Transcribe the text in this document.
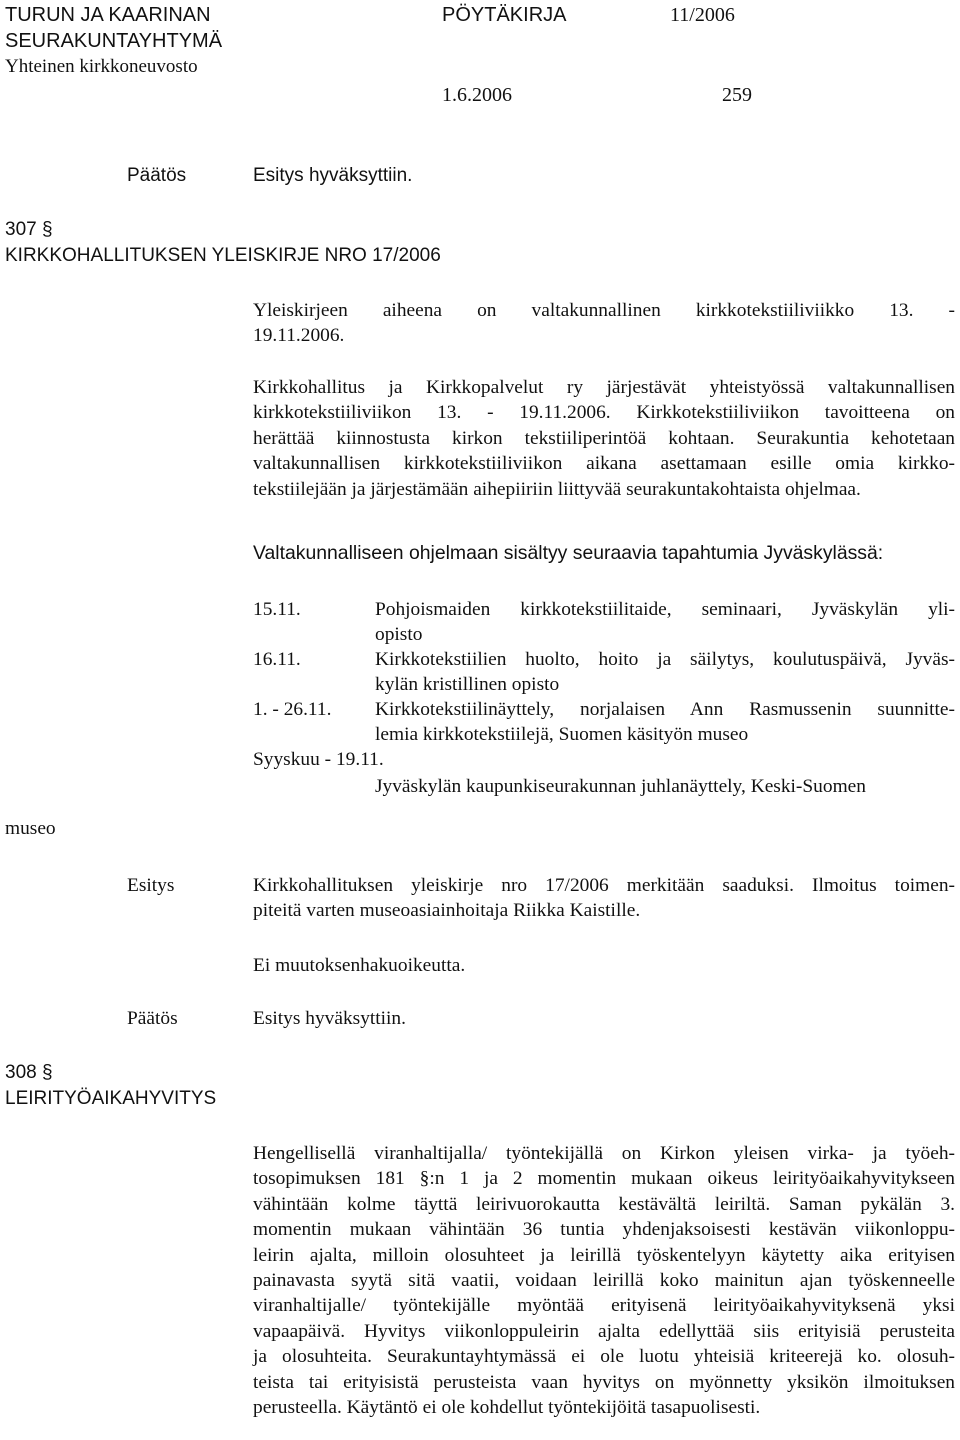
TURUN JA KAARINAN
SEURAKUNTAYHTYMÄ
Yhteinen kirkkoneuvosto
PÖYTÄKIRJA	11/2006
1.6.2006	259
Päätös	Esitys hyväksyttiin.
307 §
KIRKKOHALLITUKSEN YLEISKIRJE NRO 17/2006
Yleiskirjeen aiheena on valtakunnallinen kirkkotekstiiliviikko 13. -
19.11.2006.
Kirkkohallitus ja Kirkkopalvelut ry järjestävät yhteistyössä valtakunnallisen
kirkkotekstiiliviikon 13. - 19.11.2006. Kirkkotekstiiliviikon tavoitteena on
herättää kiinnostusta kirkon tekstiiliperintöä kohtaan. Seurakuntia kehotetaan
valtakunnallisen kirkkotekstiiliviikon aikana asettamaan esille omia kirkko-
tekstiilejään ja järjestämään aihepiiriin liittyvää seurakuntakohtaista ohjelmaa.
Valtakunnalliseen ohjelmaan sisältyy seuraavia tapahtumia Jyväskylässä:
15.11.	Pohjoismaiden kirkkotekstiilitaide, seminaari, Jyväskylän yli-
opisto
16.11.	Kirkkotekstiilien huolto, hoito ja säilytys, koulutuspäivä, Jyväs-
kylän kristillinen opisto
1. - 26.11. Kirkkotekstiilinäyttely, norjalaisen Ann Rasmussenin suunnitte-
lemia kirkkotekstiilejä, Suomen käsityön museo
Syyskuu - 19.11.
Jyväskylän kaupunkiseurakunnan juhlanäyttely, Keski-Suomen
museo
Esitys	Kirkkohallituksen yleiskirje nro 17/2006 merkitään saaduksi. Ilmoitus toimen-
piteitä varten museoasiainhoitaja Riikka Kaistille.
Ei muutoksenhakuoikeutta.
Päätös	Esitys hyväksyttiin.
308 §
LEIRITYÖAIKAHYVITYS
Hengellisellä viranhaltijalla/ työntekijällä on Kirkon yleisen virka- ja työeh-
tosopimuksen 181 §:n 1 ja 2 momentin mukaan oikeus leirityöaikahyvitykseen
vähintään kolme täyttä leirivuorokautta kestävältä leiriltä. Saman pykälän 3.
momentin mukaan vähintään 36 tuntia yhdenjaksoisesti kestävän viikonloppu-
leirin ajalta, milloin olosuhteet ja leirillä työskentelyyn käytetty aika erityisen
painavasta syytä sitä vaatii, voidaan leirillä koko mainitun ajan työskenneelle
viranhaltijalle/ työntekijälle myöntää erityisenä leirityöaikahyvityksenä yksi
vapaapäivä. Hyvitys viikonloppuleirin ajalta edellyttää siis erityisiä perusteita
ja olosuhteita. Seurakuntayhtymässä ei ole luotu yhteisiä kriteerejä ko. olosuh-
teista tai erityisistä perusteista vaan hyvitys on myönnetty yksikön ilmoituksen
perusteella. Käytäntö ei ole kohdellut työntekijöitä tasapuolisesti.
